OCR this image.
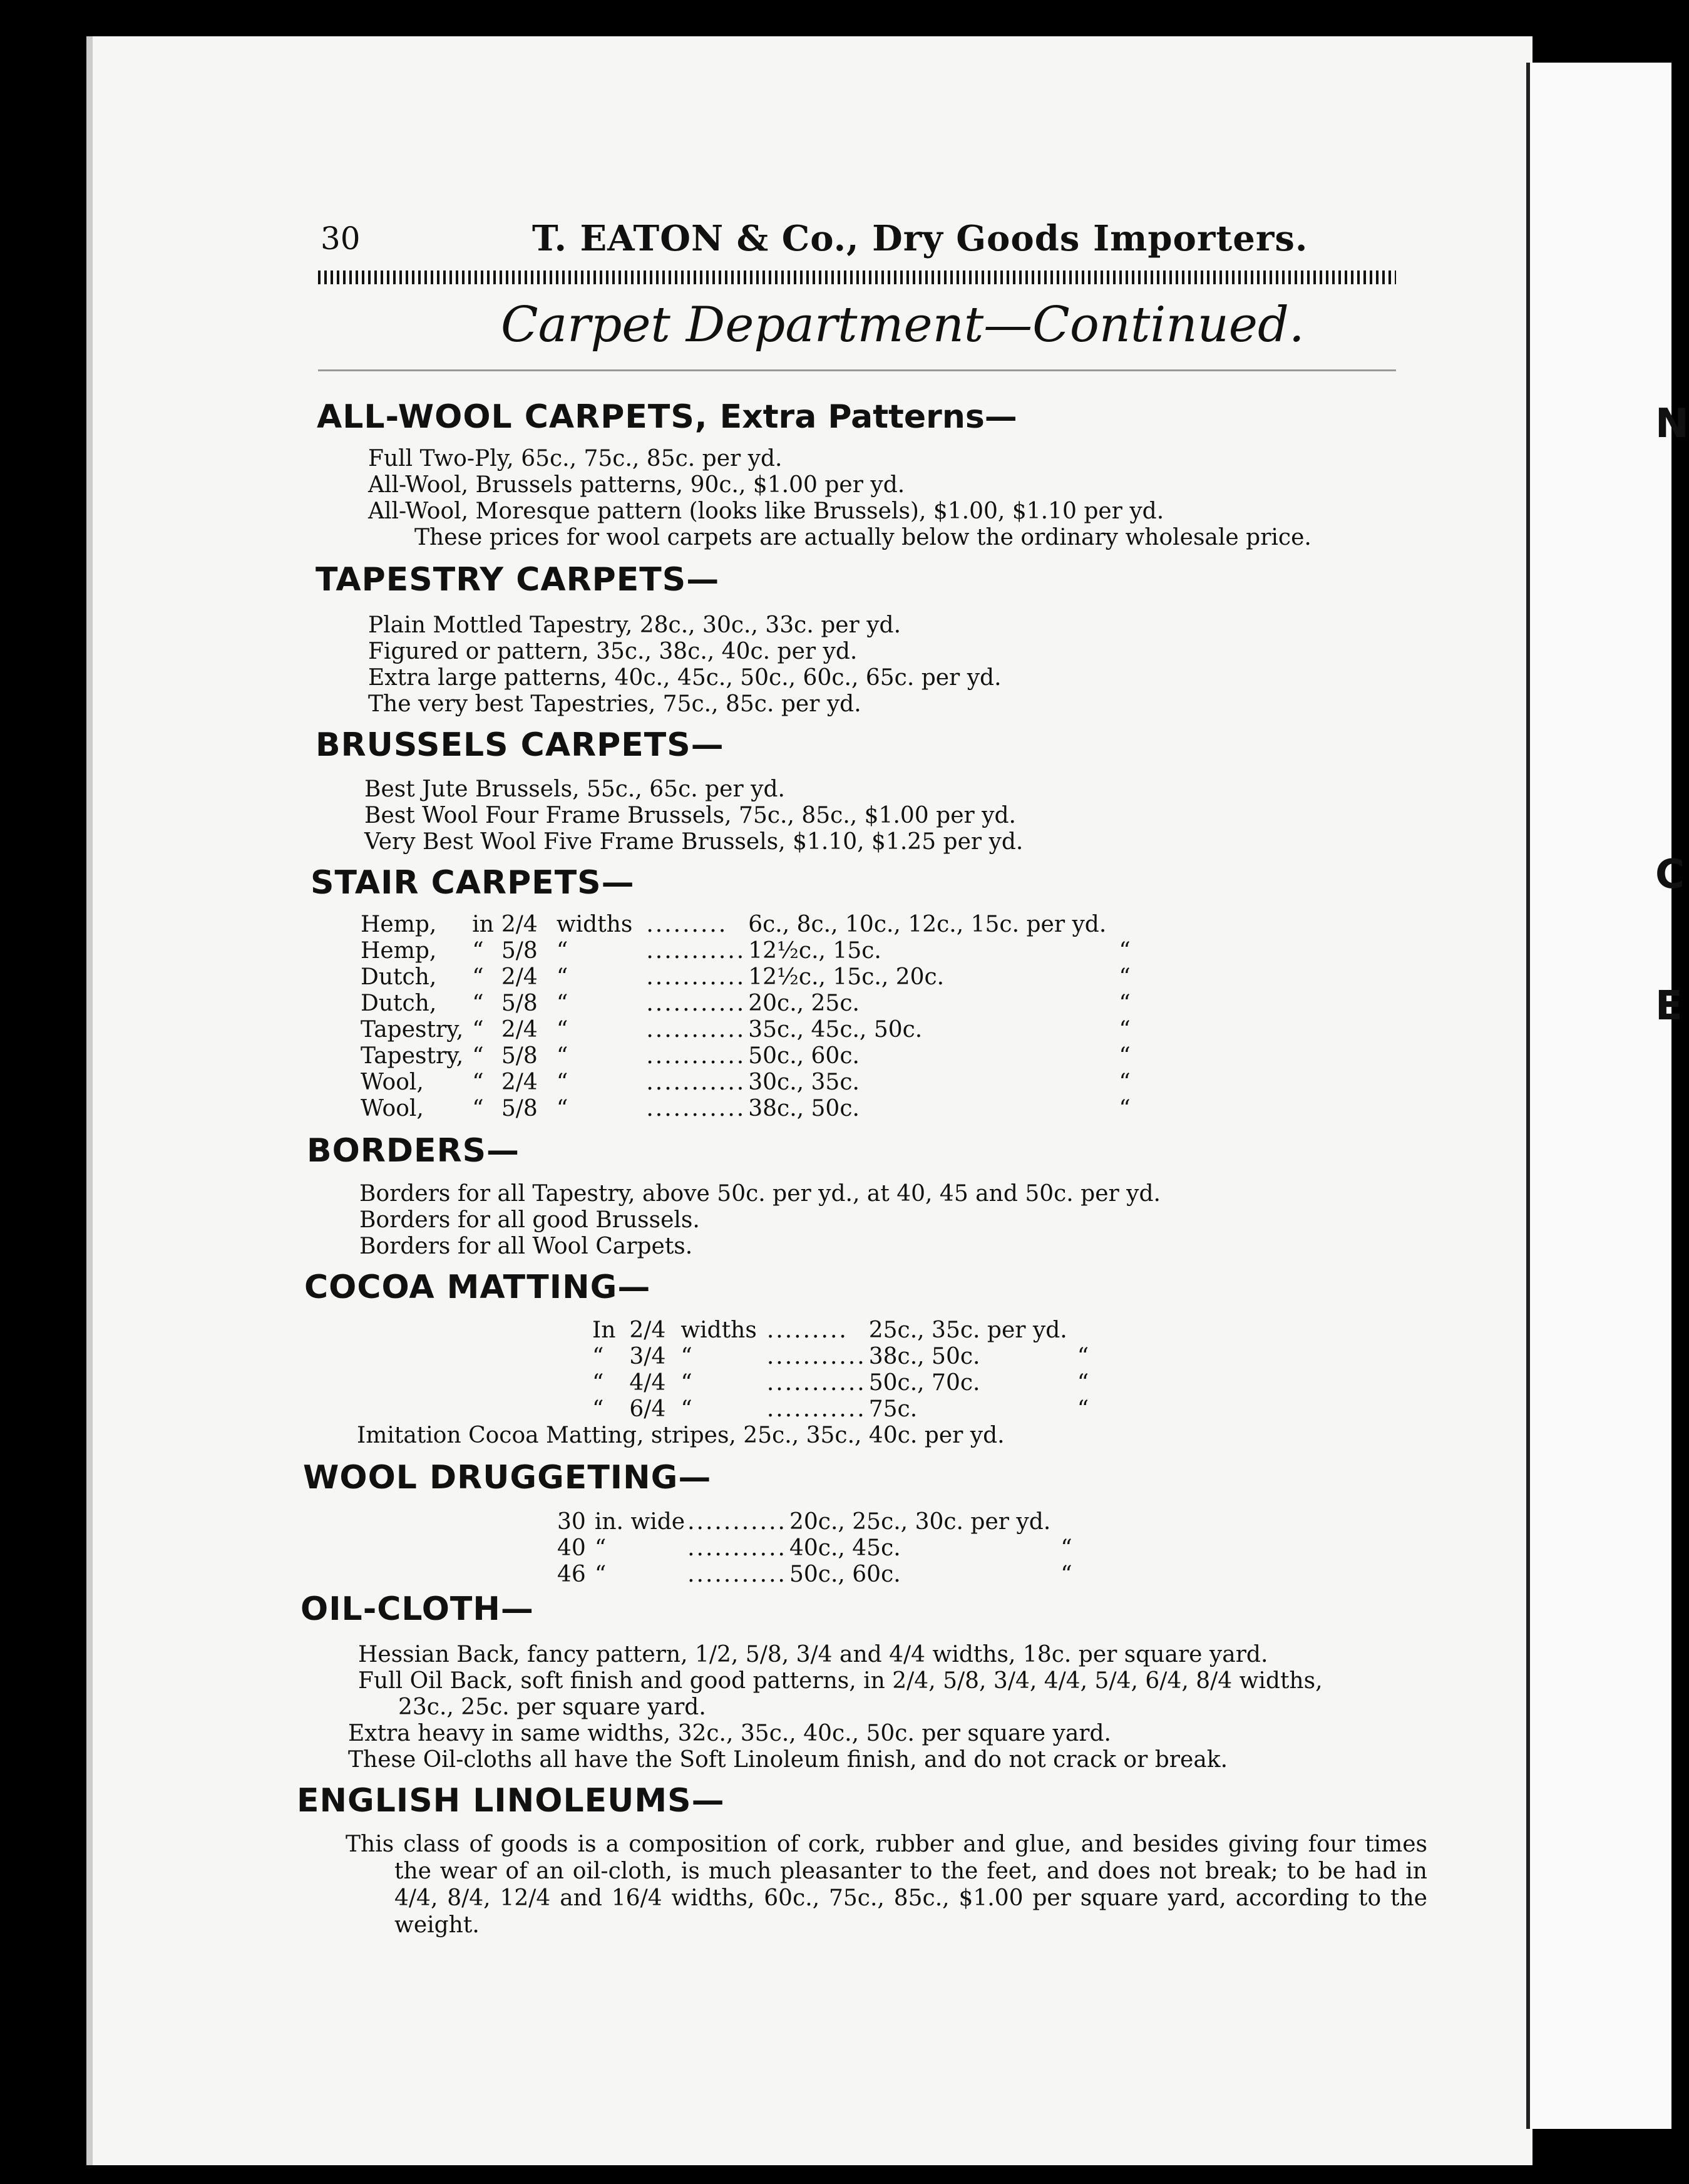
N
C
E
30	T. EATON & Co., Dry Goods Importers.
Carpet Department—Continued.
ALL-WOOL CARPETS, Extra Patterns—
Full Two-Ply, 65c., 75c., 85c. per yd.
All-Wool, Brussels patterns, 90c., $1.00 per yd.
All-Wool, Moresque pattern (looks like Brussels), $1.00, $1.10 per yd.
These prices for wool carpets are actually below the ordinary wholesale price.
TAPESTRY CARPETS—
Plain Mottled Tapestry, 28c., 30c., 33c. per yd.
Figured or pattern, 35c., 38c., 40c. per yd.
Extra large patterns, 40c., 45c., 50c., 60c., 65c. per yd.
The very best Tapestries, 75c., 85c. per yd.
BRUSSELS CARPETS—
Best Jute Brussels, 55c., 65c. per yd.
Best Wool Four Frame Brussels, 75c., 85c., $1.00 per yd.
Very Best Wool Five Frame Brussels, $1.10, $1.25 per yd.
STAIR CARPETS—
Hemp,	in	2/4	widths	.........	6c., 8c., 10c., 12c., 15c. per yd.	
Hemp,	“	5/8	“	...........	12½c., 15c.	“
Dutch,	“	2/4	“	...........	12½c., 15c., 20c.	“
Dutch,	“	5/8	“	...........	20c., 25c.	“
Tapestry,	“	2/4	“	...........	35c., 45c., 50c.	“
Tapestry,	“	5/8	“	...........	50c., 60c.	“
Wool,	“	2/4	“	...........	30c., 35c.	“
Wool,	“	5/8	“	...........	38c., 50c.	“
BORDERS—
Borders for all Tapestry, above 50c. per yd., at 40, 45 and 50c. per yd.
Borders for all good Brussels.
Borders for all Wool Carpets.
COCOA MATTING—
In	2/4	widths	.........	25c., 35c. per yd.	
“	3/4	“	...........	38c., 50c.	“
“	4/4	“	...........	50c., 70c.	“
“	6/4	“	...........	75c.	“
Imitation Cocoa Matting, stripes, 25c., 35c., 40c. per yd.
WOOL DRUGGETING—
30	in. wide	...........	20c., 25c., 30c. per yd.	
40	“	...........	40c., 45c.	“
46	“	...........	50c., 60c.	“
OIL-CLOTH—
Hessian Back, fancy pattern, 1/2, 5/8, 3/4 and 4/4 widths, 18c. per square yard.
Full Oil Back, soft finish and good patterns, in 2/4, 5/8, 3/4, 4/4, 5/4, 6/4, 8/4 widths,
23c., 25c. per square yard.
Extra heavy in same widths, 32c., 35c., 40c., 50c. per square yard.
These Oil-cloths all have the Soft Linoleum finish, and do not crack or break.
ENGLISH LINOLEUMS—
This class of goods is a composition of cork, rubber and glue, and besides giving four times the wear of an oil-cloth, is much pleasanter to the feet, and does not break; to be had in 4/4, 8/4, 12/4 and 16/4 widths, 60c., 75c., 85c., $1.00 per square yard, according to the weight.
